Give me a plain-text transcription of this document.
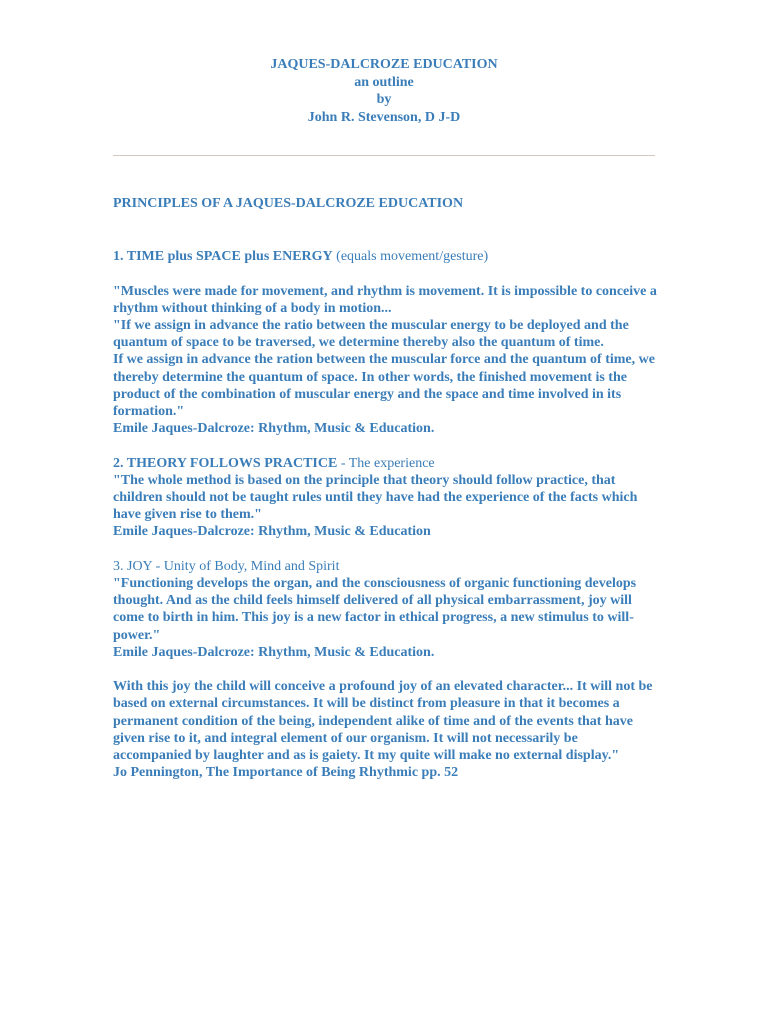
JAQUES-DALCROZE EDUCATION
an outline
by
John R. Stevenson, D J-D
PRINCIPLES OF A JAQUES-DALCROZE EDUCATION

1. TIME plus SPACE plus ENERGY (equals movement/gesture)

"Muscles were made for movement, and rhythm is movement. It is impossible to conceive a rhythm without thinking of a body in motion...

"If we assign in advance the ratio between the muscular energy to be deployed and the quantum of space to be traversed, we determine thereby also the quantum of time.

If we assign in advance the ration between the muscular force and the quantum of time, we thereby determine the quantum of space. In other words, the finished movement is the product of the combination of muscular energy and the space and time involved in its formation."

Emile Jaques-Dalcroze: Rhythm, Music & Education.

2. THEORY FOLLOWS PRACTICE - The experience

"The whole method is based on the principle that theory should follow practice, that children should not be taught rules until they have had the experience of the facts which have given rise to them."

Emile Jaques-Dalcroze: Rhythm, Music & Education

3. JOY - Unity of Body, Mind and Spirit

"Functioning develops the organ, and the consciousness of organic functioning develops thought. And as the child feels himself delivered of all physical embarrassment, joy will come to birth in him. This joy is a new factor in ethical progress, a new stimulus to will-power."

Emile Jaques-Dalcroze: Rhythm, Music & Education.

With this joy the child will conceive a profound joy of an elevated character... It will not be based on external circumstances. It will be distinct from pleasure in that it becomes a permanent condition of the being, independent alike of time and of the events that have given rise to it, and integral element of our organism. It will not necessarily be accompanied by laughter and as is gaiety. It my quite will make no external display."

Jo Pennington, The Importance of Being Rhythmic pp. 52
